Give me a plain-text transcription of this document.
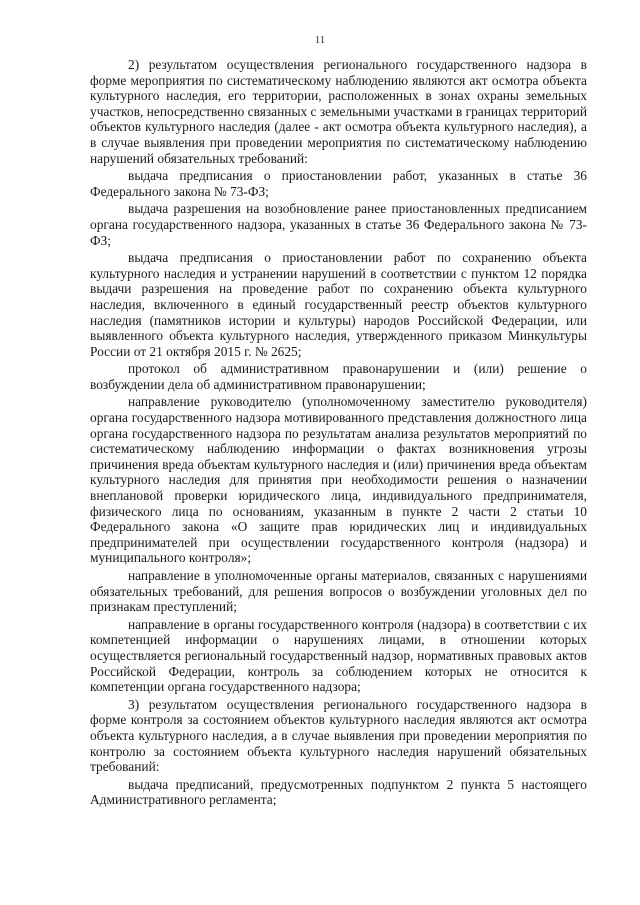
11

2) результатом осуществления регионального государственного надзора в форме мероприятия по систематическому наблюдению являются акт осмотра объекта культурного наследия, его территории, расположенных в зонах охраны земельных участков, непосредственно связанных с земельными участками в границах территорий объектов культурного наследия (далее - акт осмотра объекта культурного наследия), а в случае выявления при проведении мероприятия по систематическому наблюдению нарушений обязательных требований:

выдача предписания о приостановлении работ, указанных в статье 36 Федерального закона № 73-ФЗ;

выдача разрешения на возобновление ранее приостановленных предписанием органа государственного надзора, указанных в статье 36 Федерального закона № 73-ФЗ;

выдача предписания о приостановлении работ по сохранению объекта культурного наследия и устранении нарушений в соответствии с пунктом 12 порядка выдачи разрешения на проведение работ по сохранению объекта культурного наследия, включенного в единый государственный реестр объектов культурного наследия (памятников истории и культуры) народов Российской Федерации, или выявленного объекта культурного наследия, утвержденного приказом Минкультуры России от 21 октября 2015 г. № 2625;

протокол об административном правонарушении и (или) решение о возбуждении дела об административном правонарушении;

направление руководителю (уполномоченному заместителю руководителя) органа государственного надзора мотивированного представления должностного лица органа государственного надзора по результатам анализа результатов мероприятий по систематическому наблюдению информации о фактах возникновения угрозы причинения вреда объектам культурного наследия и (или) причинения вреда объектам культурного наследия для принятия при необходимости решения о назначении внеплановой проверки юридического лица, индивидуального предпринимателя, физического лица по основаниям, указанным в пункте 2 части 2 статьи 10 Федерального закона «О защите прав юридических лиц и индивидуальных предпринимателей при осуществлении государственного контроля (надзора) и муниципального контроля»;

направление в уполномоченные органы материалов, связанных с нарушениями обязательных требований, для решения вопросов о возбуждении уголовных дел по признакам преступлений;

направление в органы государственного контроля (надзора) в соответствии с их компетенцией информации о нарушениях лицами, в отношении которых осуществляется региональный государственный надзор, нормативных правовых актов Российской Федерации, контроль за соблюдением которых не относится к компетенции органа государственного надзора;

3) результатом осуществления регионального государственного надзора в форме контроля за состоянием объектов культурного наследия являются акт осмотра объекта культурного наследия, а в случае выявления при проведении мероприятия по контролю за состоянием объекта культурного наследия нарушений обязательных требований:

выдача предписаний, предусмотренных подпунктом 2 пункта 5 настоящего Административного регламента;
